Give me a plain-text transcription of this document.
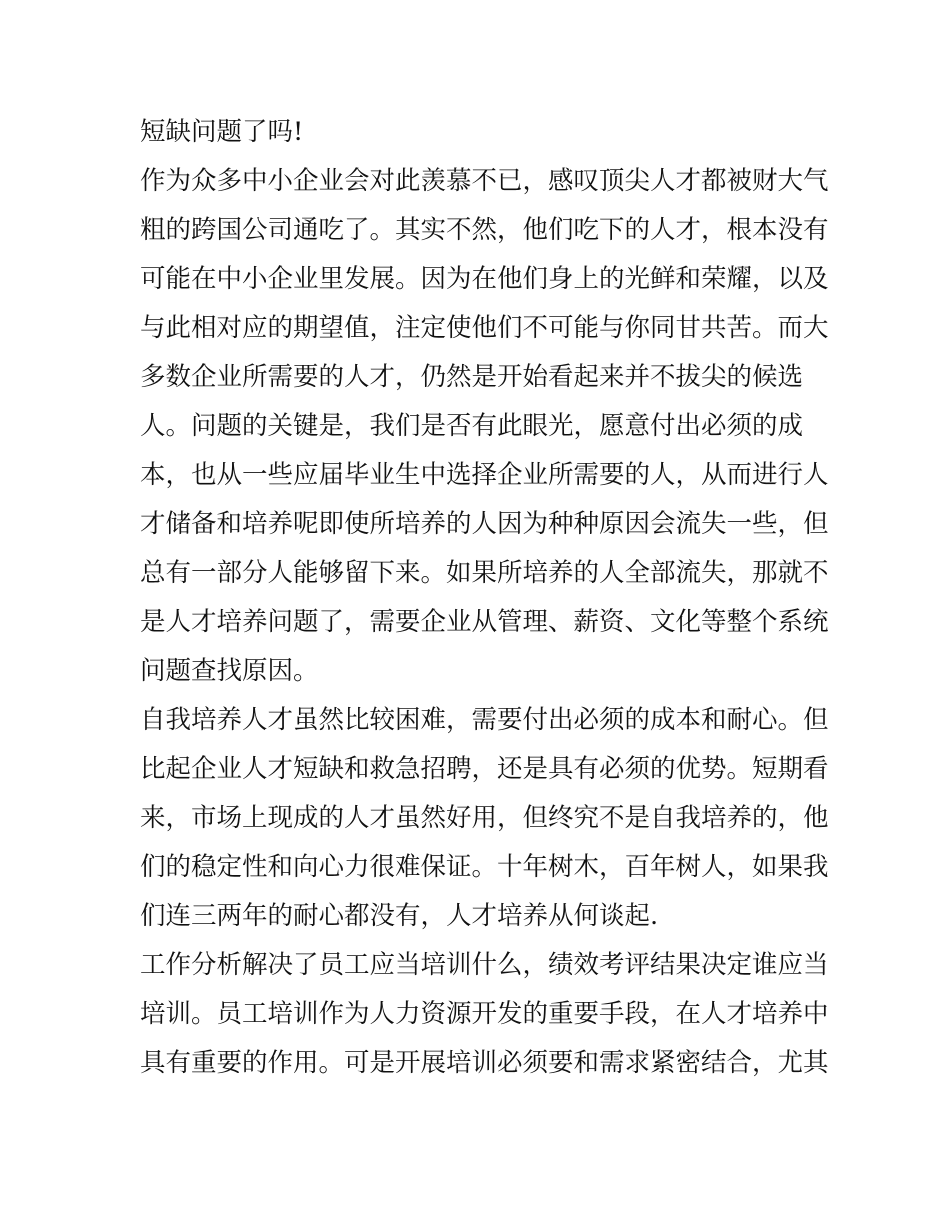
短缺问题了吗!
作为众多中小企业会对此羡慕不已，感叹顶尖人才都被财大气
粗的跨国公司通吃了。其实不然，他们吃下的人才，根本没有
可能在中小企业里发展。因为在他们身上的光鲜和荣耀，以及
与此相对应的期望值，注定使他们不可能与你同甘共苦。而大
多数企业所需要的人才，仍然是开始看起来并不拔尖的候选
人。问题的关键是，我们是否有此眼光，愿意付出必须的成
本，也从一些应届毕业生中选择企业所需要的人，从而进行人
才储备和培养呢即使所培养的人因为种种原因会流失一些，但
总有一部分人能够留下来。如果所培养的人全部流失，那就不
是人才培养问题了，需要企业从管理、薪资、文化等整个系统
问题查找原因。
自我培养人才虽然比较困难，需要付出必须的成本和耐心。但
比起企业人才短缺和救急招聘，还是具有必须的优势。短期看
来，市场上现成的人才虽然好用，但终究不是自我培养的，他
们的稳定性和向心力很难保证。十年树木，百年树人，如果我
们连三两年的耐心都没有，人才培养从何谈起.
工作分析解决了员工应当培训什么，绩效考评结果决定谁应当
培训。员工培训作为人力资源开发的重要手段，在人才培养中
具有重要的作用。可是开展培训必须要和需求紧密结合，尤其
